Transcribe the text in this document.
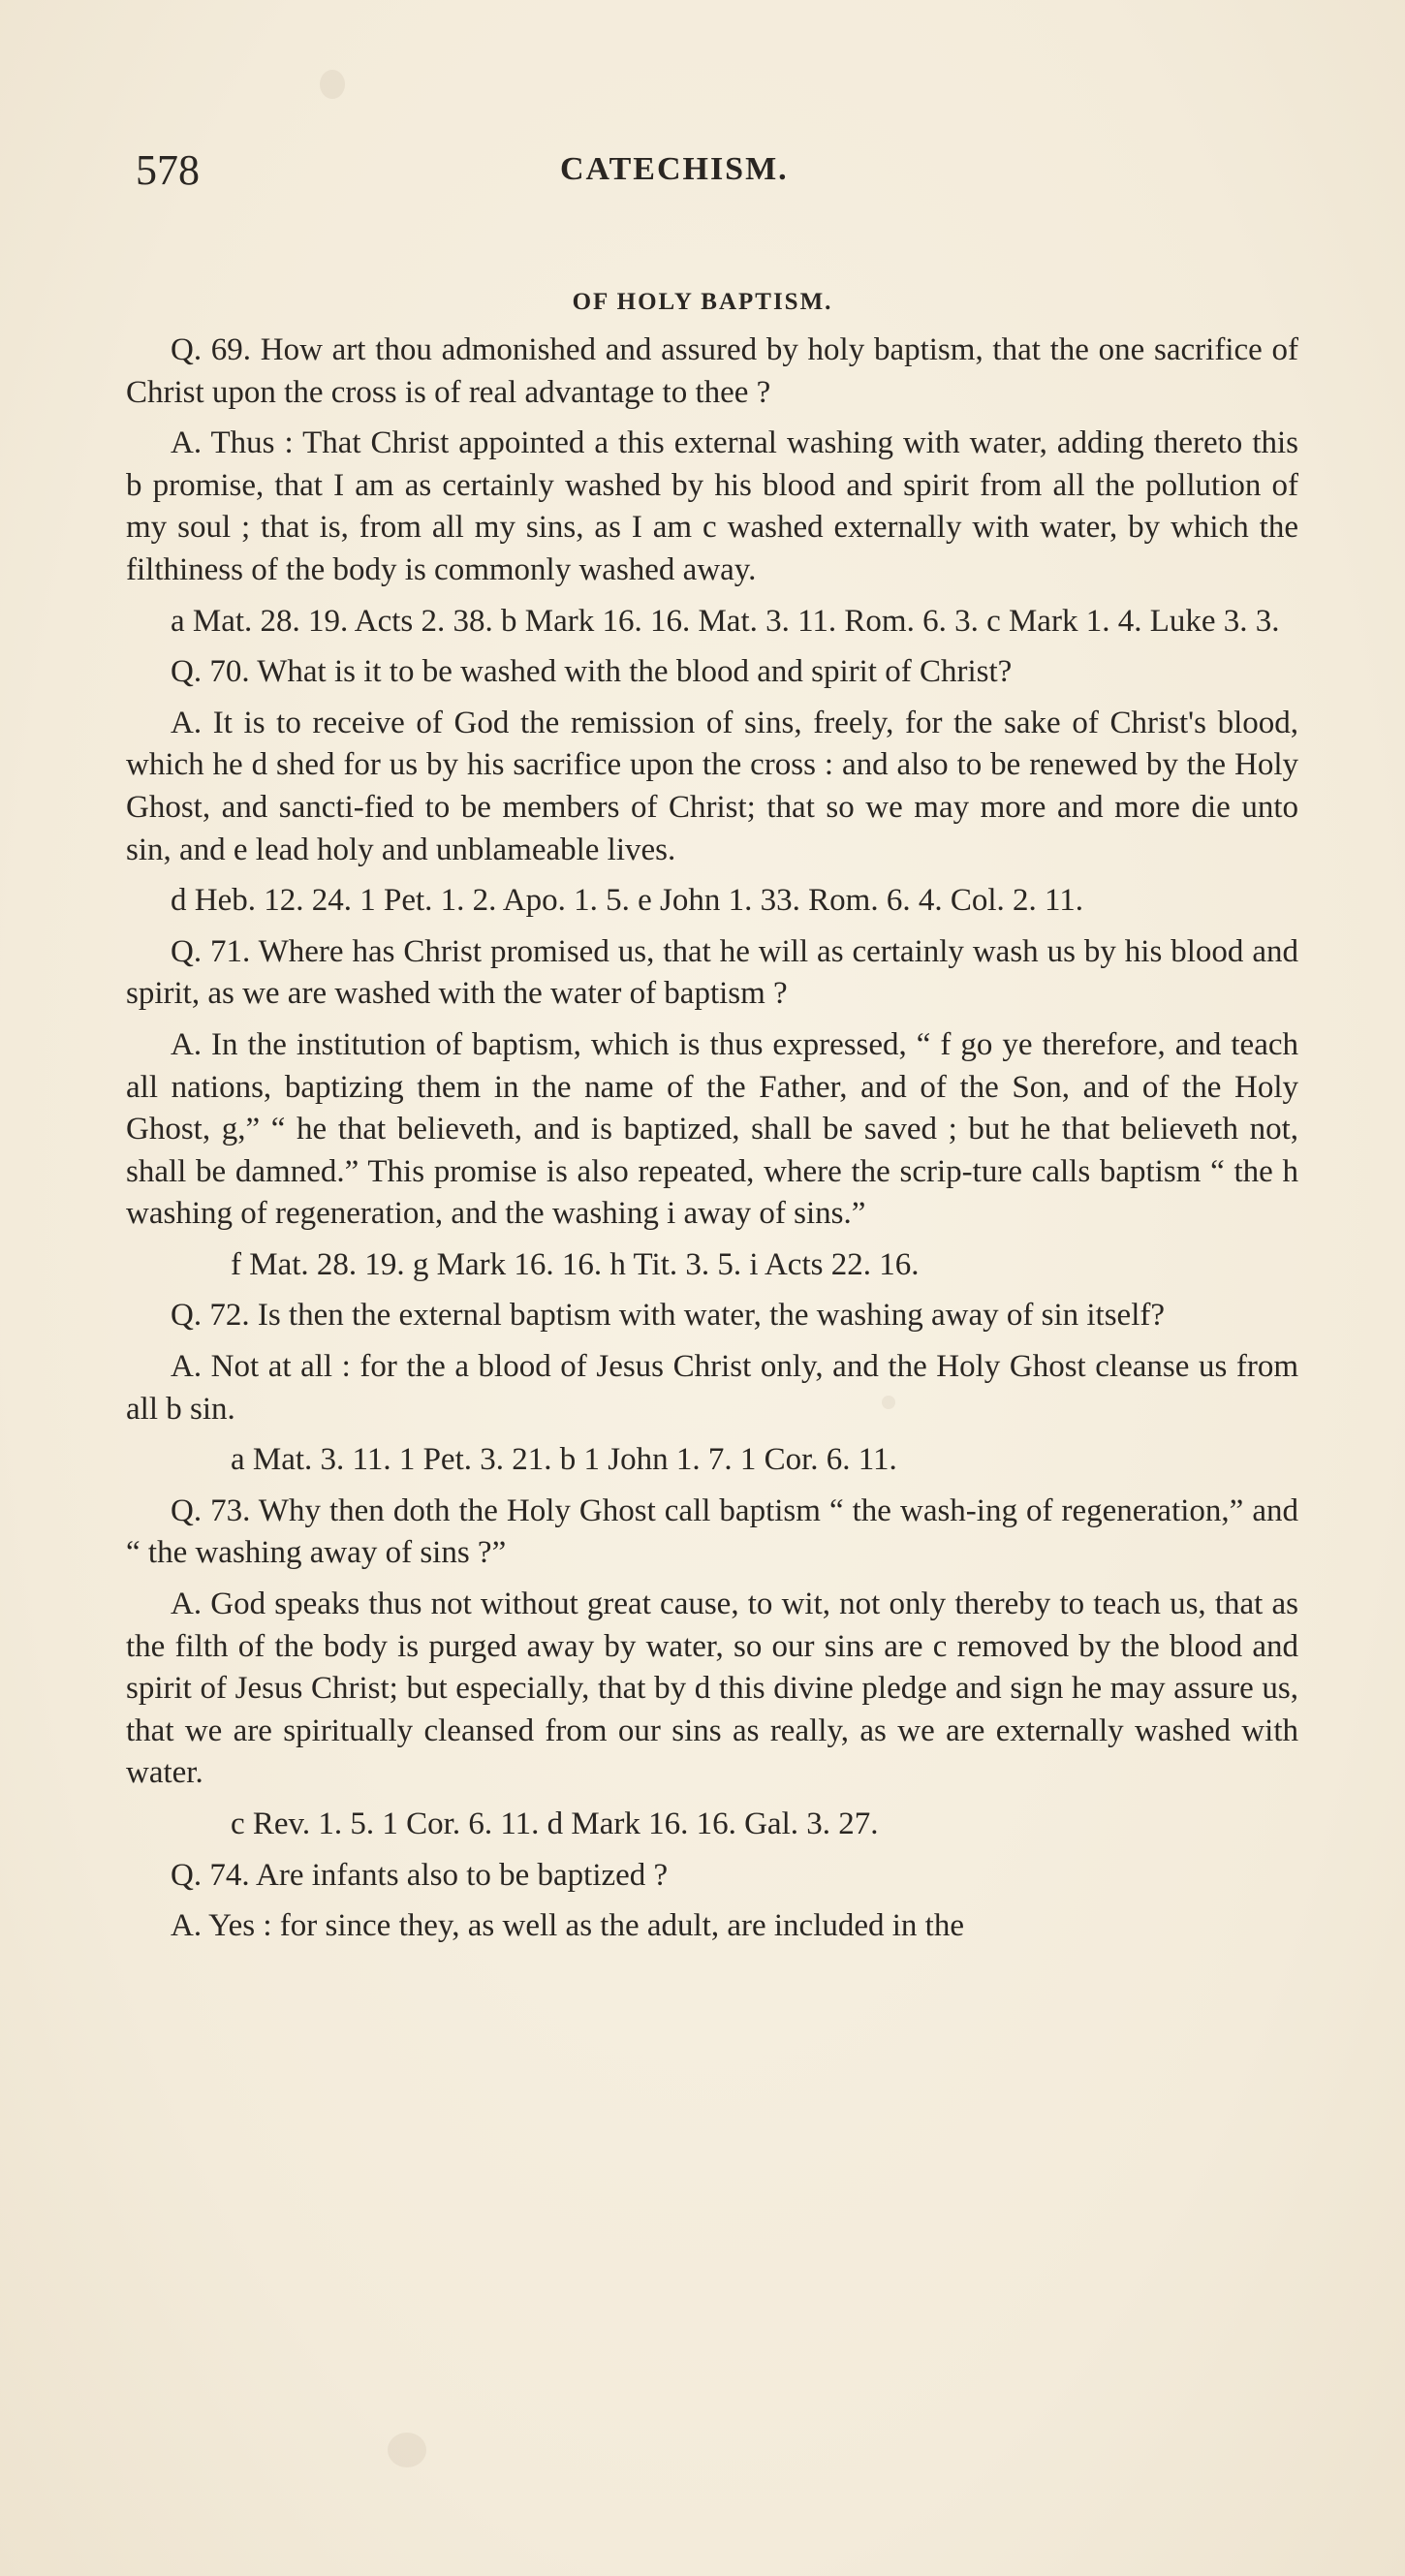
578	CATECHISM.
OF HOLY BAPTISM.

Q. 69. How art thou admonished and assured by holy baptism, that the one sacrifice of Christ upon the cross is of real advantage to thee ?

A. Thus : That Christ appointed a this external washing with water, adding thereto this b promise, that I am as certainly washed by his blood and spirit from all the pollution of my soul ; that is, from all my sins, as I am c washed externally with water, by which the filthiness of the body is commonly washed away.

a Mat. 28. 19. Acts 2. 38. b Mark 16. 16. Mat. 3. 11. Rom. 6. 3. c Mark 1. 4. Luke 3. 3.

Q. 70. What is it to be washed with the blood and spirit of Christ?

A. It is to receive of God the remission of sins, freely, for the sake of Christ's blood, which he d shed for us by his sacrifice upon the cross : and also to be renewed by the Holy Ghost, and sancti-fied to be members of Christ; that so we may more and more die unto sin, and e lead holy and unblameable lives.

d Heb. 12. 24. 1 Pet. 1. 2. Apo. 1. 5. e John 1. 33. Rom. 6. 4. Col. 2. 11.

Q. 71. Where has Christ promised us, that he will as certainly wash us by his blood and spirit, as we are washed with the water of baptism ?

A. In the institution of baptism, which is thus expressed, “ f go ye therefore, and teach all nations, baptizing them in the name of the Father, and of the Son, and of the Holy Ghost, g,” “ he that believeth, and is baptized, shall be saved ; but he that believeth not, shall be damned.” This promise is also repeated, where the scrip-ture calls baptism “ the h washing of regeneration, and the washing i away of sins.”

f Mat. 28. 19. g Mark 16. 16. h Tit. 3. 5. i Acts 22. 16.

Q. 72. Is then the external baptism with water, the washing away of sin itself?

A. Not at all : for the a blood of Jesus Christ only, and the Holy Ghost cleanse us from all b sin.

a Mat. 3. 11. 1 Pet. 3. 21. b 1 John 1. 7. 1 Cor. 6. 11.

Q. 73. Why then doth the Holy Ghost call baptism “ the wash-ing of regeneration,” and “ the washing away of sins ?”

A. God speaks thus not without great cause, to wit, not only thereby to teach us, that as the filth of the body is purged away by water, so our sins are c removed by the blood and spirit of Jesus Christ; but especially, that by d this divine pledge and sign he may assure us, that we are spiritually cleansed from our sins as really, as we are externally washed with water.

c Rev. 1. 5. 1 Cor. 6. 11. d Mark 16. 16. Gal. 3. 27.

Q. 74. Are infants also to be baptized ?

A. Yes : for since they, as well as the adult, are included in the
